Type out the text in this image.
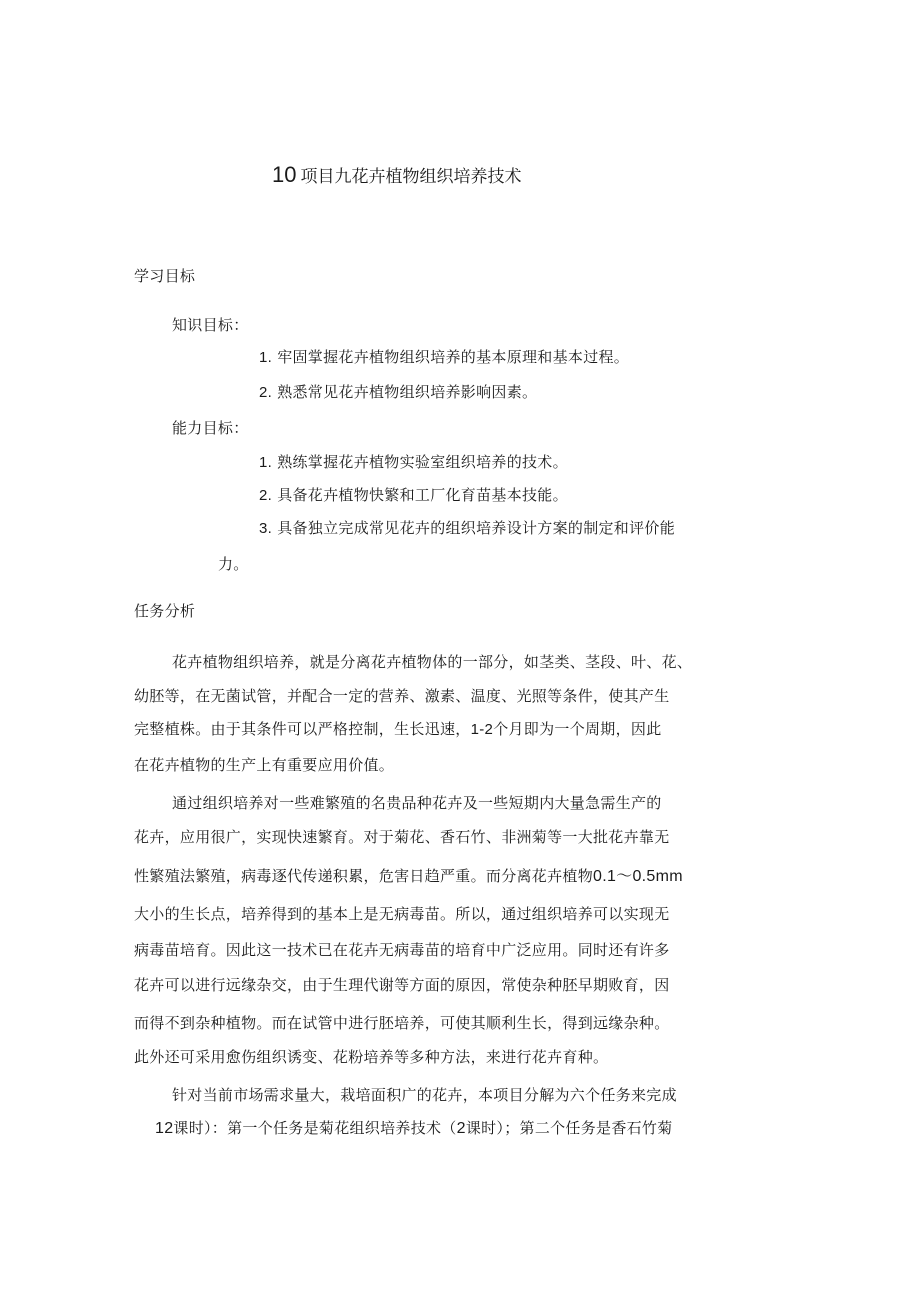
10 项目九花卉植物组织培养技术
学习目标
知识目标：
1. 牢固掌握花卉植物组织培养的基本原理和基本过程。
2. 熟悉常见花卉植物组织培养影响因素。
能力目标：
1. 熟练掌握花卉植物实验室组织培养的技术。
2. 具备花卉植物快繁和工厂化育苗基本技能。
3. 具备独立完成常见花卉的组织培养设计方案的制定和评价能
力。
任务分析
花卉植物组织培养，就是分离花卉植物体的一部分，如茎类、茎段、叶、花、
幼胚等，在无菌试管，并配合一定的营养、激素、温度、光照等条件，使其产生
完整植株。由于其条件可以严格控制，生长迅速，1-2个月即为一个周期，因此
在花卉植物的生产上有重要应用价值。
通过组织培养对一些难繁殖的名贵品种花卉及一些短期内大量急需生产的
花卉，应用很广，实现快速繁育。对于菊花、香石竹、非洲菊等一大批花卉靠无
性繁殖法繁殖，病毒逐代传递积累，危害日趋严重。而分离花卉植物0.1～0.5mm
大小的生长点，培养得到的基本上是无病毒苗。所以，通过组织培养可以实现无
病毒苗培育。因此这一技术已在花卉无病毒苗的培育中广泛应用。同时还有许多
花卉可以进行远缘杂交，由于生理代谢等方面的原因，常使杂种胚早期败育，因
而得不到杂种植物。而在试管中进行胚培养，可使其顺利生长，得到远缘杂种。
此外还可采用愈伤组织诱变、花粉培养等多种方法，来进行花卉育种。
针对当前市场需求量大，栽培面积广的花卉，本项目分解为六个任务来完成
12课时）：第一个任务是菊花组织培养技术（2课时）；第二个任务是香石竹菊
